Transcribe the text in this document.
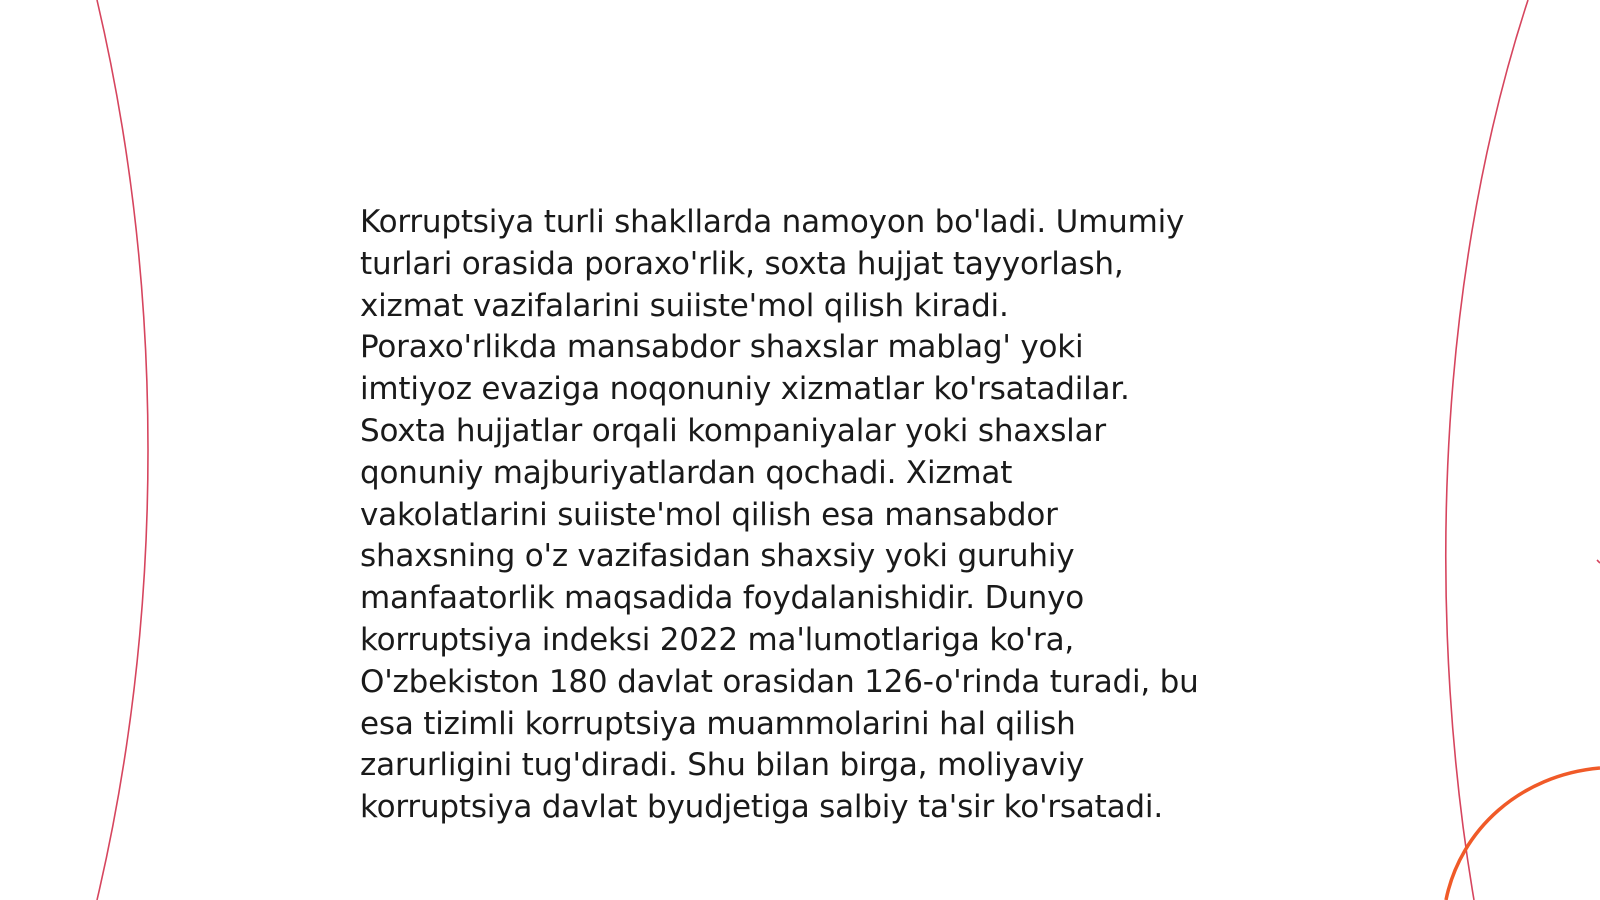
Korruptsiya turli shakllarda namoyon bo'ladi. Umumiy
turlari orasida poraxo'rlik, soxta hujjat tayyorlash,
xizmat vazifalarini suiiste'mol qilish kiradi.
Poraxo'rlikda mansabdor shaxslar mablag' yoki
imtiyoz evaziga noqonuniy xizmatlar ko'rsatadilar.
Soxta hujjatlar orqali kompaniyalar yoki shaxslar
qonuniy majburiyatlardan qochadi. Xizmat
vakolatlarini suiiste'mol qilish esa mansabdor
shaxsning o'z vazifasidan shaxsiy yoki guruhiy
manfaatorlik maqsadida foydalanishidir. Dunyo
korruptsiya indeksi 2022 ma'lumotlariga ko'ra,
O'zbekiston 180 davlat orasidan 126-o'rinda turadi, bu
esa tizimli korruptsiya muammolarini hal qilish
zarurligini tug'diradi. Shu bilan birga, moliyaviy
korruptsiya davlat byudjetiga salbiy ta'sir ko'rsatadi.
